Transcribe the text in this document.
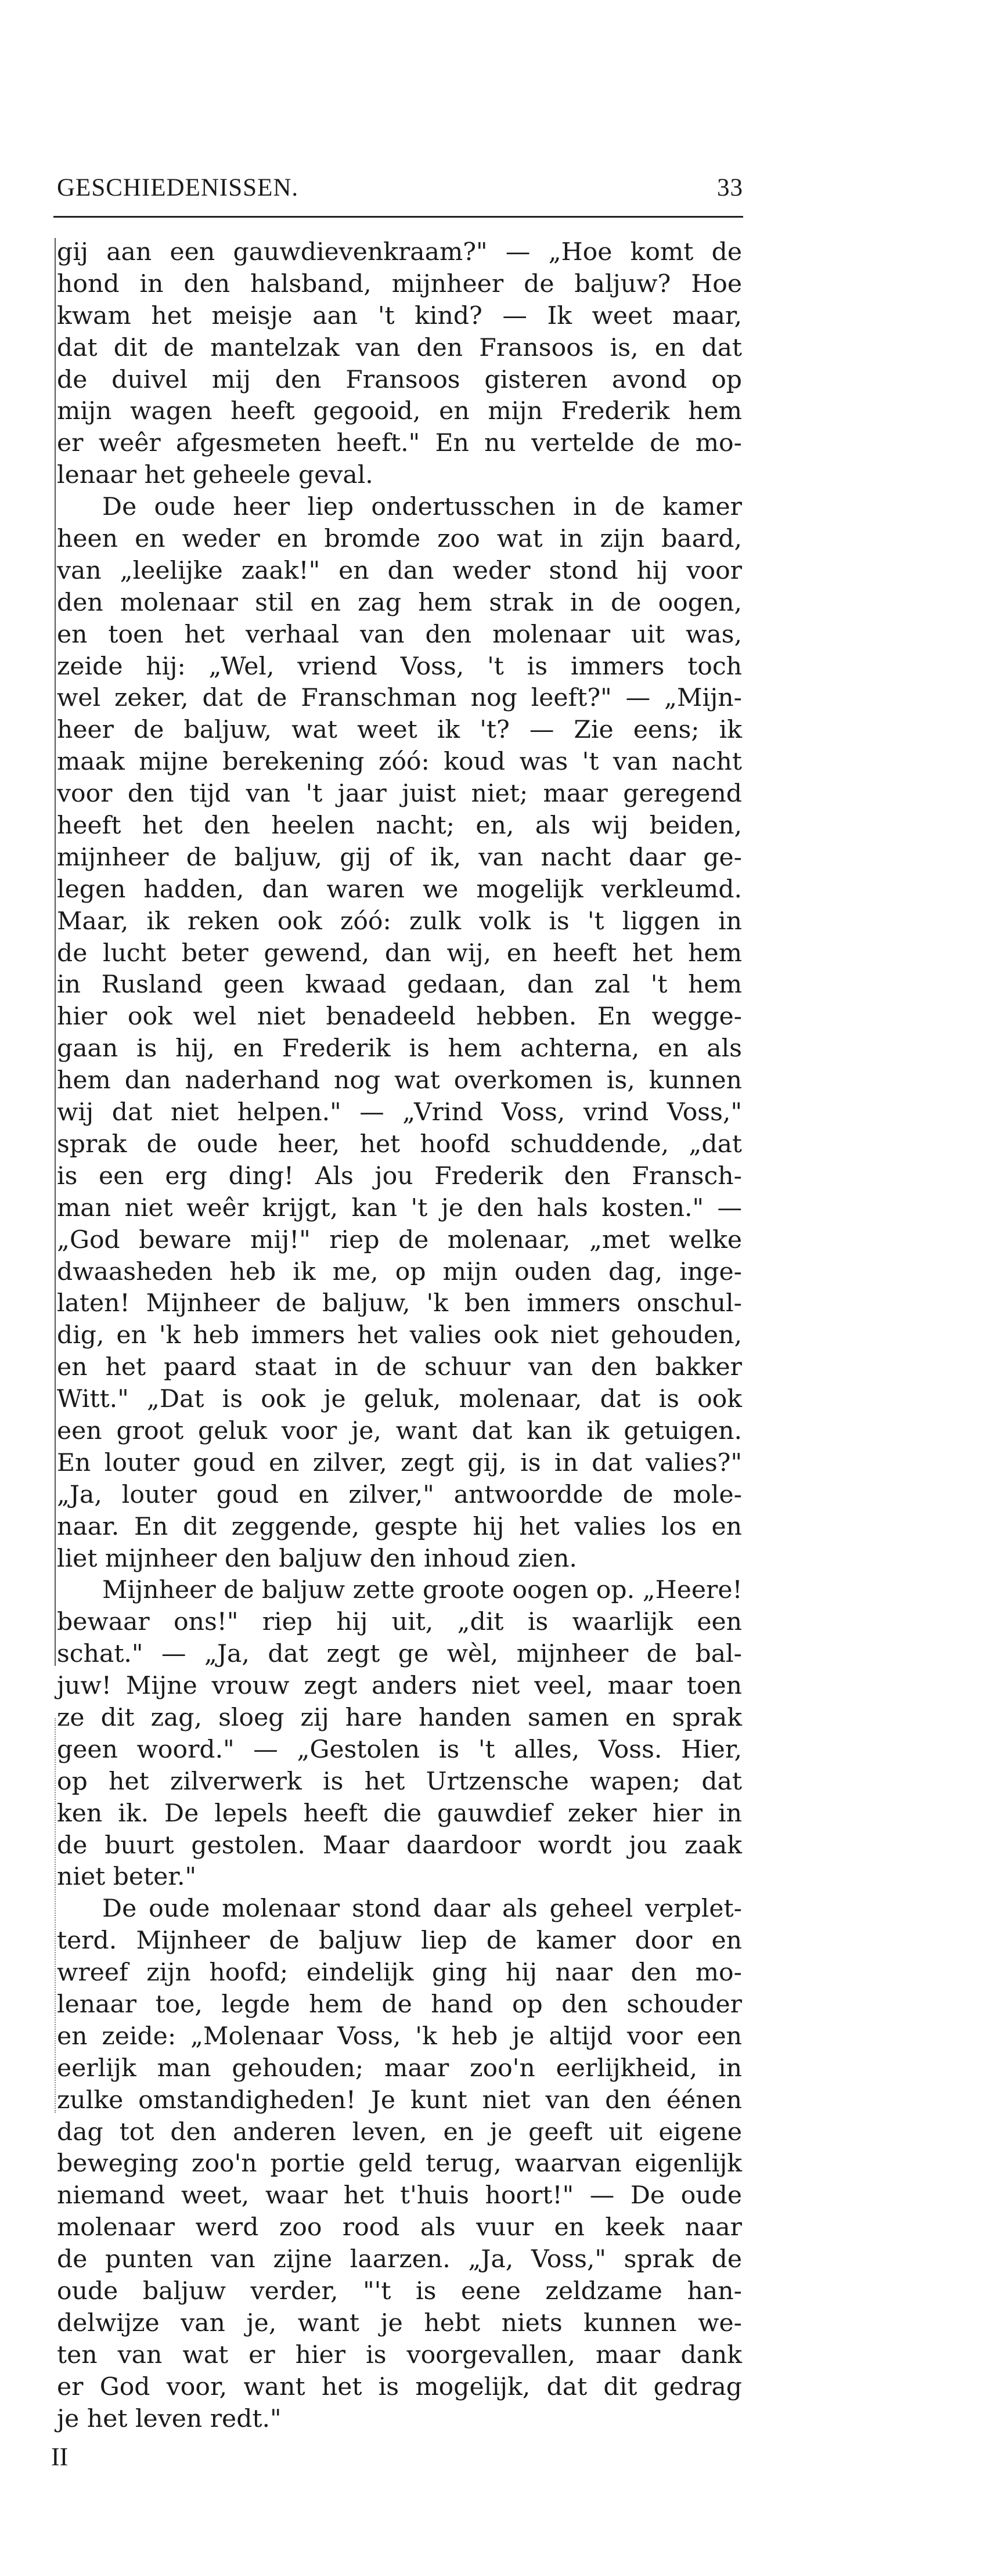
GESCHIEDENISSEN.	33
gij aan een gauwdievenkraam?" — „Hoe komt de
hond in den halsband, mijnheer de baljuw? Hoe
kwam het meisje aan 't kind? — Ik weet maar,
dat dit de mantelzak van den Fransoos is, en dat
de duivel mij den Fransoos gisteren avond op
mijn wagen heeft gegooid, en mijn Frederik hem
er weêr afgesmeten heeft." En nu vertelde de mo-
lenaar het geheele geval.
De oude heer liep ondertusschen in de kamer
heen en weder en bromde zoo wat in zijn baard,
van „leelijke zaak!" en dan weder stond hij voor
den molenaar stil en zag hem strak in de oogen,
en toen het verhaal van den molenaar uit was,
zeide hij: „Wel, vriend Voss, 't is immers toch
wel zeker, dat de Franschman nog leeft?" — „Mijn-
heer de baljuw, wat weet ik 't? — Zie eens; ik
maak mijne berekening zóó: koud was 't van nacht
voor den tijd van 't jaar juist niet; maar geregend
heeft het den heelen nacht; en, als wij beiden,
mijnheer de baljuw, gij of ik, van nacht daar ge-
legen hadden, dan waren we mogelijk verkleumd.
Maar, ik reken ook zóó: zulk volk is 't liggen in
de lucht beter gewend, dan wij, en heeft het hem
in Rusland geen kwaad gedaan, dan zal 't hem
hier ook wel niet benadeeld hebben. En wegge-
gaan is hij, en Frederik is hem achterna, en als
hem dan naderhand nog wat overkomen is, kunnen
wij dat niet helpen." — „Vrind Voss, vrind Voss,"
sprak de oude heer, het hoofd schuddende, „dat
is een erg ding! Als jou Frederik den Fransch-
man niet weêr krijgt, kan 't je den hals kosten." —
„God beware mij!" riep de molenaar, „met welke
dwaasheden heb ik me, op mijn ouden dag, inge-
laten! Mijnheer de baljuw, 'k ben immers onschul-
dig, en 'k heb immers het valies ook niet gehouden,
en het paard staat in de schuur van den bakker
Witt." „Dat is ook je geluk, molenaar, dat is ook
een groot geluk voor je, want dat kan ik getuigen.
En louter goud en zilver, zegt gij, is in dat valies?"
„Ja, louter goud en zilver," antwoordde de mole-
naar. En dit zeggende, gespte hij het valies los en
liet mijnheer den baljuw den inhoud zien.
Mijnheer de baljuw zette groote oogen op. „Heere!
bewaar ons!" riep hij uit, „dit is waarlijk een
schat." — „Ja, dat zegt ge wèl, mijnheer de bal-
juw! Mijne vrouw zegt anders niet veel, maar toen
ze dit zag, sloeg zij hare handen samen en sprak
geen woord." — „Gestolen is 't alles, Voss. Hier,
op het zilverwerk is het Urtzensche wapen; dat
ken ik. De lepels heeft die gauwdief zeker hier in
de buurt gestolen. Maar daardoor wordt jou zaak
niet beter."
De oude molenaar stond daar als geheel verplet-
terd. Mijnheer de baljuw liep de kamer door en
wreef zijn hoofd; eindelijk ging hij naar den mo-
lenaar toe, legde hem de hand op den schouder
en zeide: „Molenaar Voss, 'k heb je altijd voor een
eerlijk man gehouden; maar zoo'n eerlijkheid, in
zulke omstandigheden! Je kunt niet van den éénen
dag tot den anderen leven, en je geeft uit eigene
beweging zoo'n portie geld terug, waarvan eigenlijk
niemand weet, waar het t'huis hoort!" — De oude
molenaar werd zoo rood als vuur en keek naar
de punten van zijne laarzen. „Ja, Voss," sprak de
oude baljuw verder, "'t is eene zeldzame han-
delwijze van je, want je hebt niets kunnen we-
ten van wat er hier is voorgevallen, maar dank
er God voor, want het is mogelijk, dat dit gedrag
je het leven redt."
II
